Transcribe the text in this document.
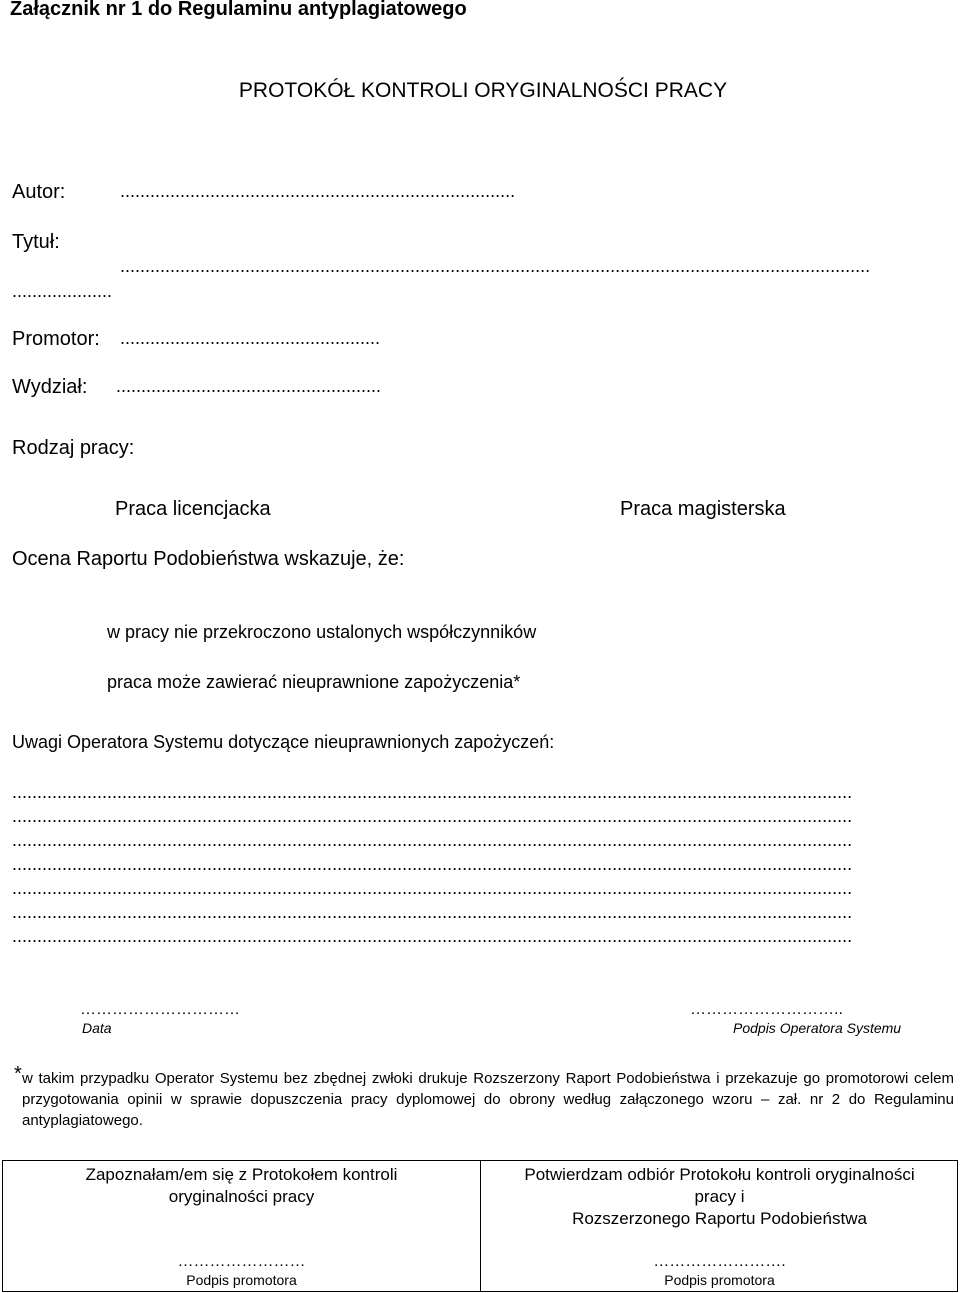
Załącznik nr 1 do Regulaminu antyplagiatowego
PROTOKÓŁ KONTROLI ORYGINALNOŚCI PRACY
Autor:	...............................................................................
Tytuł:
......................................................................................................................................................
....................
Promotor: ....................................................
Wydział: .....................................................
Rodzaj pracy:
Praca licencjacka	Praca magisterska
Ocena Raportu Podobieństwa wskazuje, że:
w pracy nie przekroczono ustalonych współczynników
praca może zawierać nieuprawnione zapożyczenia*
Uwagi Operatora Systemu dotyczące nieuprawnionych zapożyczeń:
........................................................................................................................................................................
........................................................................................................................................................................
........................................................................................................................................................................
........................................................................................................................................................................
........................................................................................................................................................................
........................................................................................................................................................................
........................................................................................................................................................................
…………………………
Data
………………………..
Podpis Operatora Systemu
* w takim przypadku Operator Systemu bez zbędnej zwłoki drukuje Rozszerzony Raport Podobieństwa i przekazuje go promotorowi celem przygotowania opinii w sprawie dopuszczenia pracy dyplomowej do obrony według załączonego wzoru – zał. nr 2 do Regulaminu antyplagiatowego.
Zapoznałam/em się z Protokołem kontroli
oryginalności pracy
……………………
Podpis promotora
Potwierdzam odbiór Protokołu kontroli oryginalności
pracy i
Rozszerzonego Raportu Podobieństwa
…………………….
Podpis promotora
